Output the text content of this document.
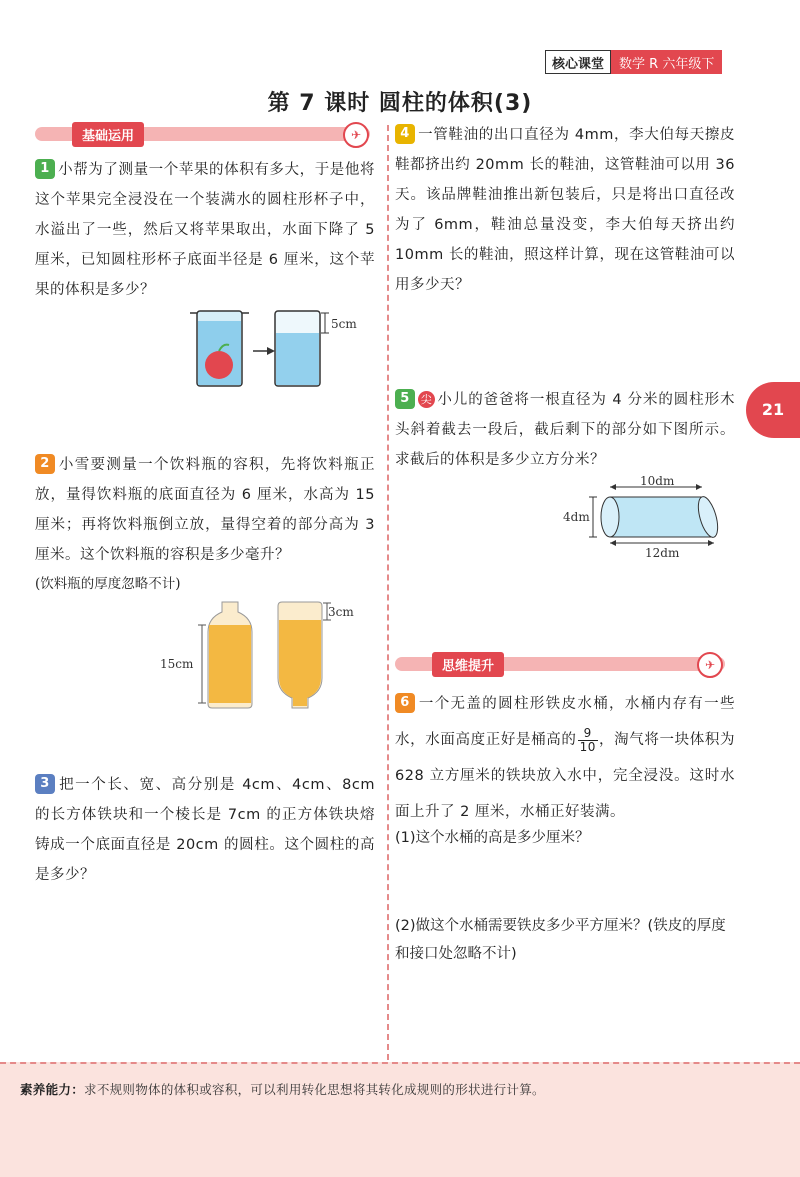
核心课堂	数学 R 六年级下
第 7 课时 圆柱的体积(3)
基础运用	✈
1 小帮为了测量一个苹果的体积有多大，于是他将这个苹果完全浸没在一个装满水的圆柱形杯子中，水溢出了一些，然后又将苹果取出，水面下降了 5 厘米，已知圆柱形杯子底面半径是 6 厘米，这个苹果的体积是多少？
5cm
2 小雪要测量一个饮料瓶的容积，先将饮料瓶正放，量得饮料瓶的底面直径为 6 厘米，水高为 15 厘米；再将饮料瓶倒立放，量得空着的部分高为 3 厘米。这个饮料瓶的容积是多少毫升？
(饮料瓶的厚度忽略不计)
15cm
3cm
3 把一个长、宽、高分别是 4cm、4cm、8cm 的长方体铁块和一个棱长是 7cm 的正方体铁块熔铸成一个底面直径是 20cm 的圆柱。这个圆柱的高是多少？
4 一管鞋油的出口直径为 4mm，李大伯每天擦皮鞋都挤出约 20mm 长的鞋油，这管鞋油可以用 36 天。该品牌鞋油推出新包装后，只是将出口直径改为了 6mm，鞋油总量没变，李大伯每天挤出约 10mm 长的鞋油，照这样计算，现在这管鞋油可以用多少天？
5 尖 小儿的爸爸将一根直径为 4 分米的圆柱形木头斜着截去一段后，截后剩下的部分如下图所示。求截后的体积是多少立方分米？
10dm
12dm
4dm
21
思维提升	✈
6 一个无盖的圆柱形铁皮水桶，水桶内存有一些水，水面高度正好是桶高的 $\frac{9}{10}$ ，淘气将一块体积为 628 立方厘米的铁块放入水中，完全浸没。这时水面上升了 2 厘米，水桶正好装满。
(1)这个水桶的高是多少厘米？
(2)做这个水桶需要铁皮多少平方厘米？(铁皮的厚度和接口处忽略不计)
素养能力：求不规则物体的体积或容积，可以利用转化思想将其转化成规则的形状进行计算。
